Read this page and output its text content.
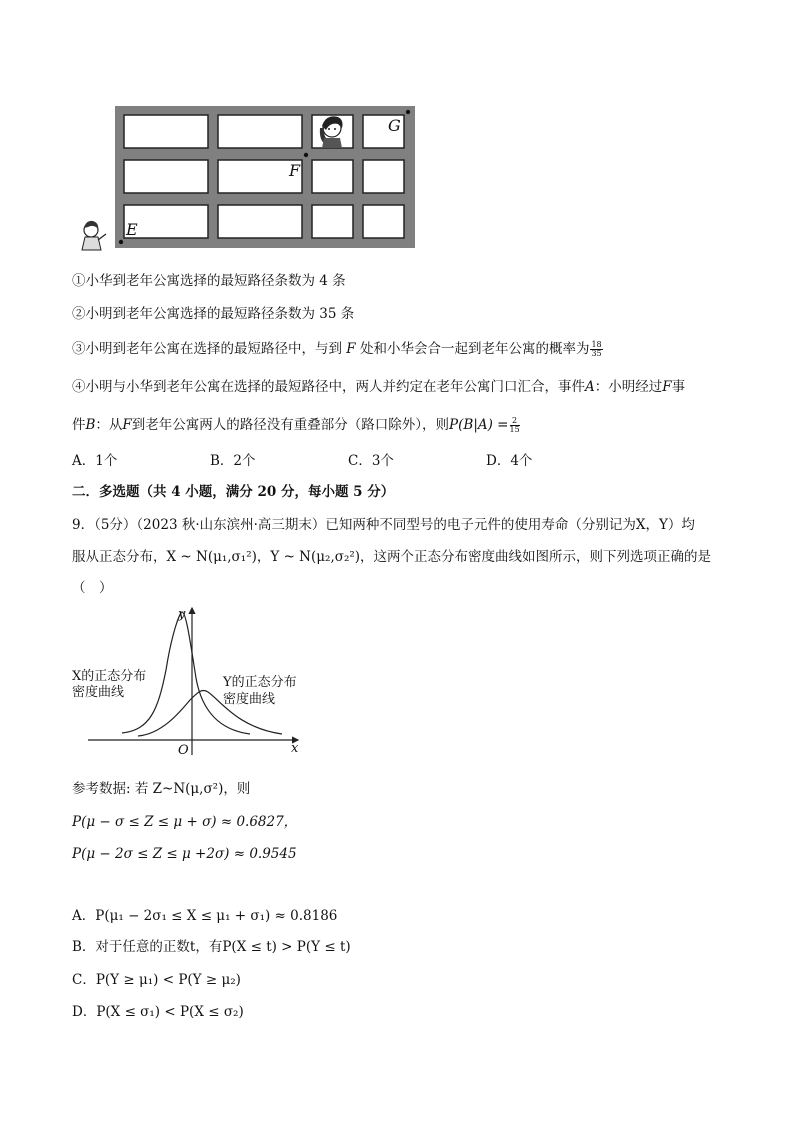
G
F
E
①小华到老年公寓选择的最短路径条数为 4 条
②小明到老年公寓选择的最短路径条数为 35 条
③小明到老年公寓在选择的最短路径中，与到 F 处和小华会合一起到老年公寓的概率为 $\frac{18}{35}$
④小明与小华到老年公寓在选择的最短路径中，两人并约定在老年公寓门口汇合，事件A：小明经过F事
件B：从F到老年公寓两人的路径没有重叠部分（路口除外），则$P(B|A) = \frac{2}{15}$
A．1个	B．2个	C．3个	D．4个
二．多选题（共 4 小题，满分 20 分，每小题 5 分）
9．（5分）（2023 秋·山东滨州·高三期末）已知两种不同型号的电子元件的使用寿命（分别记为X，Y）均
服从正态分布，X ~ N(μ₁,σ₁²)，Y ~ N(μ₂,σ₂²)，这两个正态分布密度曲线如图所示，则下列选项正确的是
（　）
y
x
O
X的正态分布
密度曲线
Y的正态分布
密度曲线
参考数据: 若 Z~N(μ,σ²)，则
P(μ − σ ≤ Z ≤ μ + σ) ≈ 0.6827，
P(μ − 2σ ≤ Z ≤ μ +2σ) ≈ 0.9545
A．P(μ₁ − 2σ₁ ≤ X ≤ μ₁ + σ₁) ≈ 0.8186
B．对于任意的正数t，有P(X ≤ t) > P(Y ≤ t)
C．P(Y ≥ μ₁) < P(Y ≥ μ₂)
D．P(X ≤ σ₁) < P(X ≤ σ₂)
